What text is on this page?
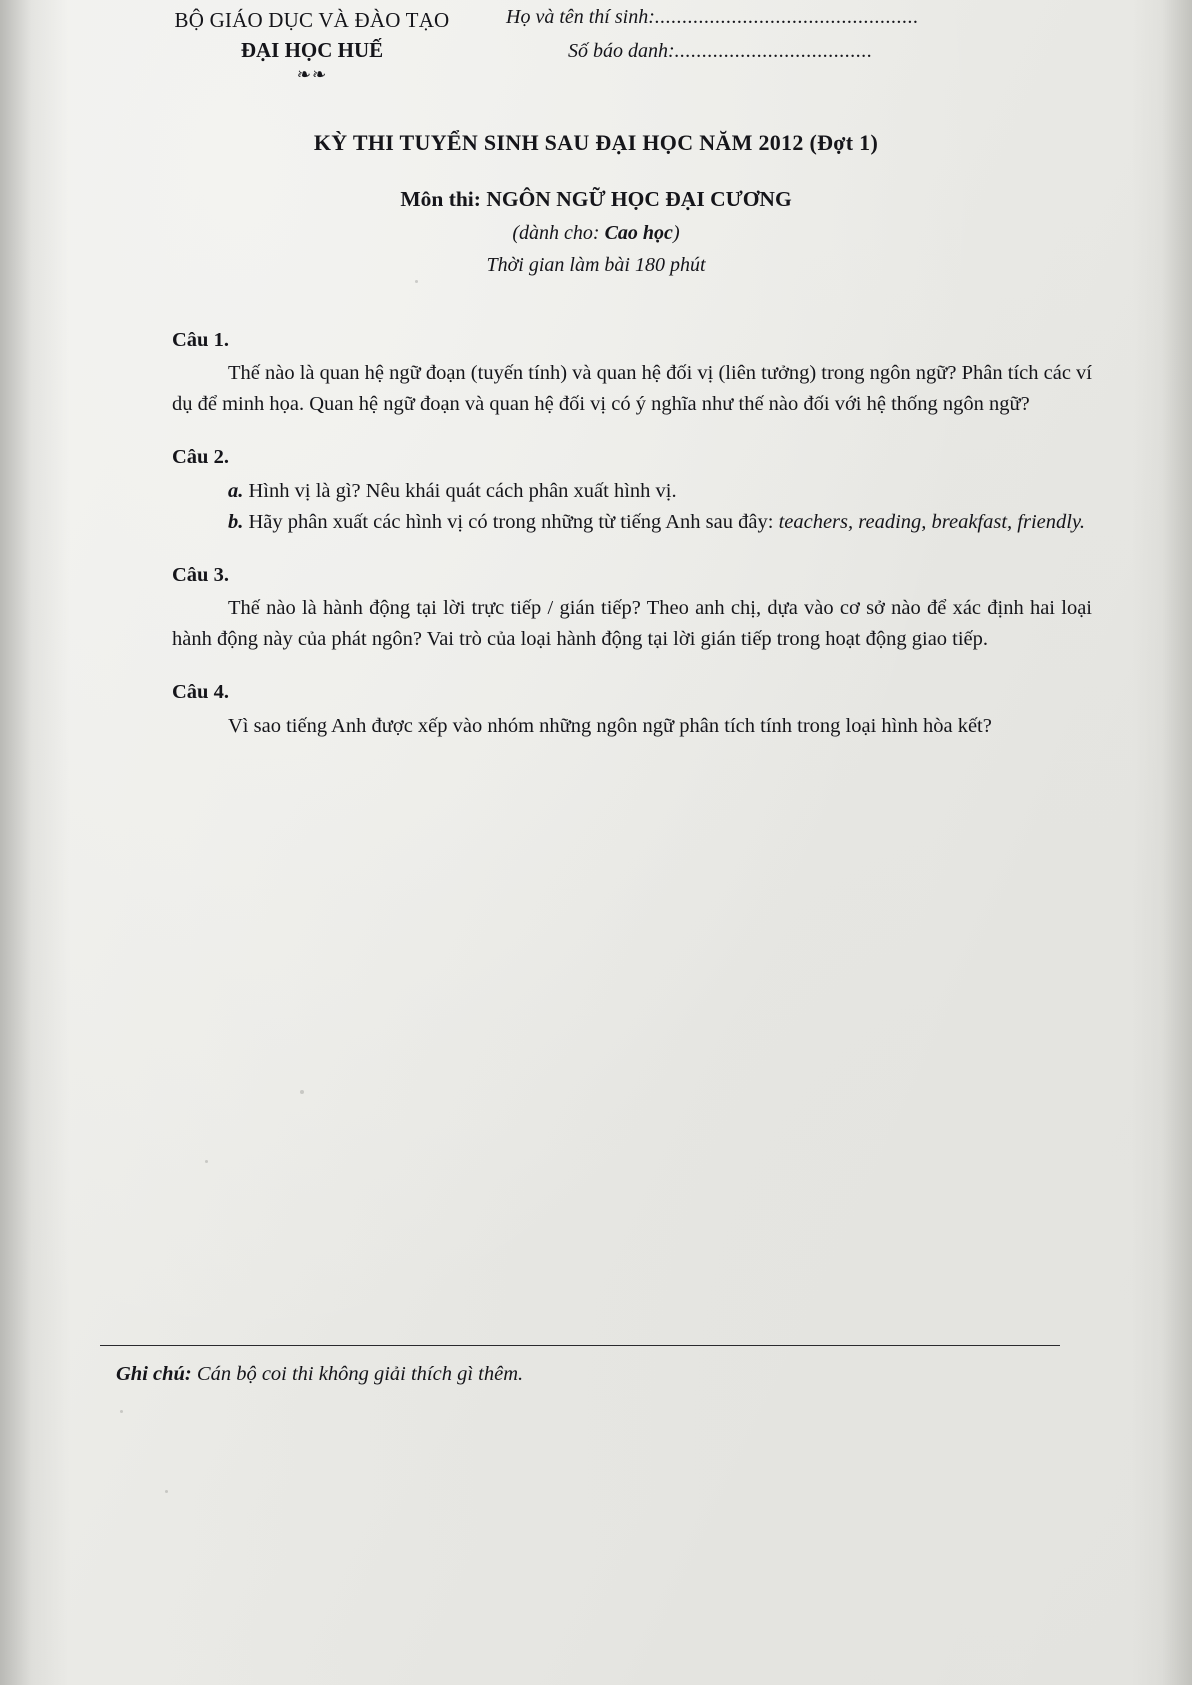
BỘ GIÁO DỤC VÀ ĐÀO TẠO
ĐẠI HỌC HUẾ
❧❧
Họ và tên thí sinh:................................................
Số báo danh:....................................
KỲ THI TUYỂN SINH SAU ĐẠI HỌC NĂM 2012 (Đợt 1)
Môn thi: NGÔN NGỮ HỌC ĐẠI CƯƠNG
(dành cho: Cao học)
Thời gian làm bài 180 phút
Câu 1.

Thế nào là quan hệ ngữ đoạn (tuyến tính) và quan hệ đối vị (liên tưởng) trong ngôn ngữ? Phân tích các ví dụ để minh họa. Quan hệ ngữ đoạn và quan hệ đối vị có ý nghĩa như thế nào đối với hệ thống ngôn ngữ?

Câu 2.

a. Hình vị là gì? Nêu khái quát cách phân xuất hình vị.

b. Hãy phân xuất các hình vị có trong những từ tiếng Anh sau đây: teachers, reading, breakfast, friendly.

Câu 3.

Thế nào là hành động tại lời trực tiếp / gián tiếp? Theo anh chị, dựa vào cơ sở nào để xác định hai loại hành động này của phát ngôn? Vai trò của loại hành động tại lời gián tiếp trong hoạt động giao tiếp.

Câu 4.

Vì sao tiếng Anh được xếp vào nhóm những ngôn ngữ phân tích tính trong loại hình hòa kết?

Ghi chú: Cán bộ coi thi không giải thích gì thêm.
